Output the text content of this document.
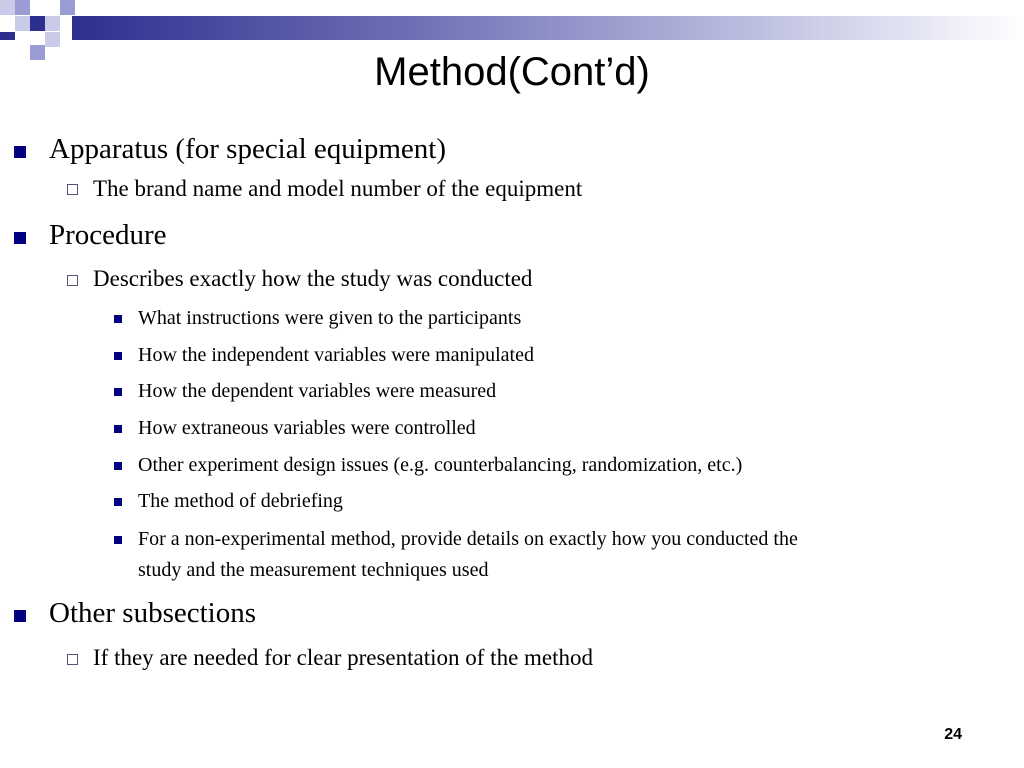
Method(Cont’d)
Apparatus (for special equipment)
The brand name and model number of the equipment
Procedure
Describes exactly how the study was conducted
What instructions were given to the participants
How the independent variables were manipulated
How the dependent variables were measured
How extraneous variables were controlled
Other experiment design issues (e.g. counterbalancing, randomization, etc.)
The method of debriefing
For a non-experimental method, provide details on exactly how you conducted the
study and the measurement techniques used
Other subsections
If they are needed for clear presentation of the method
24
